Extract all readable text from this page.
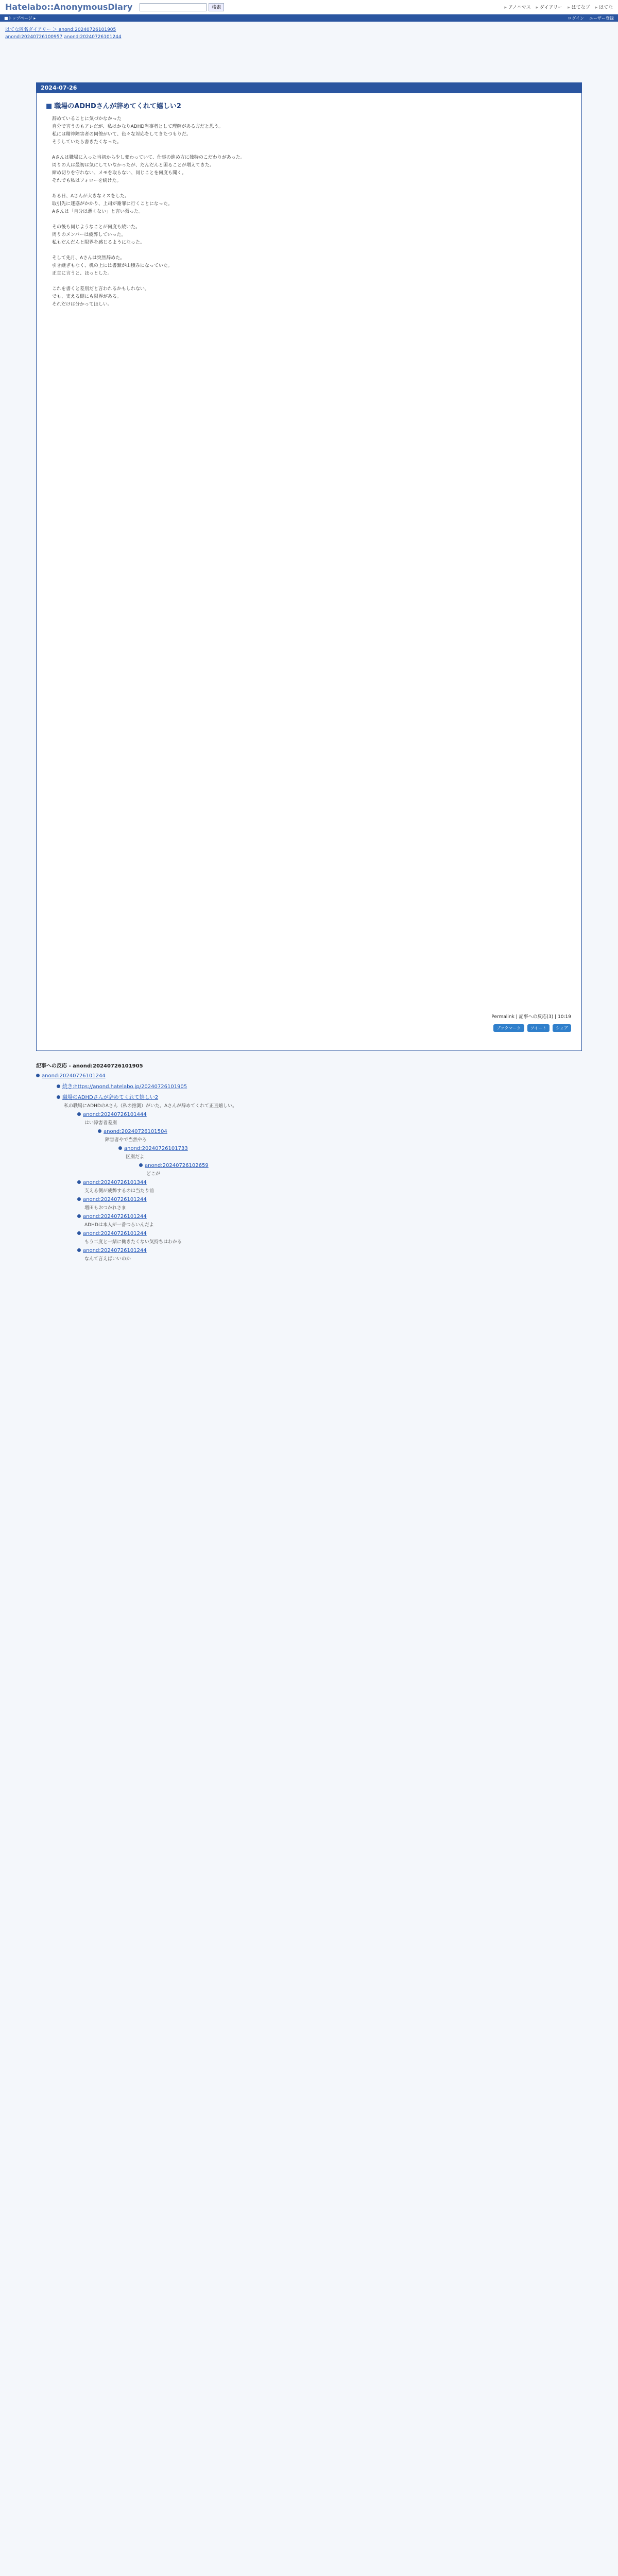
Hatelabo::AnonymousDiary	検索	▸ アノニマス	▸ ダイアリー	▸ はてなブ	▸ はてな
■トップページ ▸	ログイン ユーザー登録
はてな匿名ダイアリー ＞ anond:20240726101905
anond:20240726100957 anond:20240726101244
2024-07-26
■ 職場のADHDさんが辞めてくれて嬉しい2

辞めていることに気づかなかった

自分で言うのもアレだが、私はかなりADHD当事者として理解がある方だと思う。

私には精神障害者の同僚がいて、色々な対応をしてきたつもりだ。

そうしていたら書きたくなった。

Aさんは職場に入った当初から少し変わっていて、仕事の進め方に独特のこだわりがあった。

周りの人は最初は気にしていなかったが、だんだんと困ることが増えてきた。

締め切りを守れない、メモを取らない、同じことを何度も聞く。

それでも私はフォローを続けた。

ある日、Aさんが大きなミスをした。

取引先に迷惑がかかり、上司が謝罪に行くことになった。

Aさんは「自分は悪くない」と言い張った。

その後も同じようなことが何度も続いた。

周りのメンバーは疲弊していった。

私もだんだんと限界を感じるようになった。

そして先月、Aさんは突然辞めた。

引き継ぎもなく、机の上には書類が山積みになっていた。

正直に言うと、ほっとした。

これを書くと差別だと言われるかもしれない。

でも、支える側にも限界がある。

それだけは分かってほしい。

Permalink | 記事への反応(3) | 10:19
ブックマーク	ツイート	シェア
記事への反応 - anond:20240726101905
anond:20240726101244
続き:https://anond.hatelabo.jp/20240726101905
職場のADHDさんが辞めてくれて嬉しい2
私の職場にADHDのAさん（私の推測）がいた。Aさんが辞めてくれて正直嬉しい。
anond:20240726101444
はい障害者差別
anond:20240726101504
障害者やで当然やろ
anond:20240726101733
区別だよ
anond:20240726102659
どこが
anond:20240726101344
支える側が疲弊するのは当たり前
anond:20240726101244
増田もおつかれさま
anond:20240726101244
ADHDは本人が一番つらいんだよ
anond:20240726101244
もう二度と一緒に働きたくない気持ちはわかる
anond:20240726101244
なんて言えばいいのか
